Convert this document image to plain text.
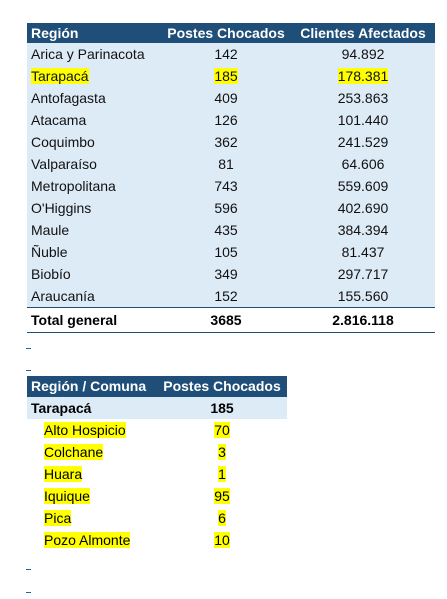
Región	Postes Chocados	Clientes Afectados
Arica y Parinacota	142	94.892
Tarapacá	185	178.381
Antofagasta	409	253.863
Atacama	126	101.440
Coquimbo	362	241.529
Valparaíso	81	64.606
Metropolitana	743	559.609
O'Higgins	596	402.690
Maule	435	384.394
Ñuble	105	81.437
Biobío	349	297.717
Araucanía	152	155.560
Total general	3685	2.816.118
Región / Comuna	Postes Chocados
Tarapacá	185
Alto Hospicio	70
Colchane	3
Huara	1
Iquique	95
Pica	6
Pozo Almonte	10
